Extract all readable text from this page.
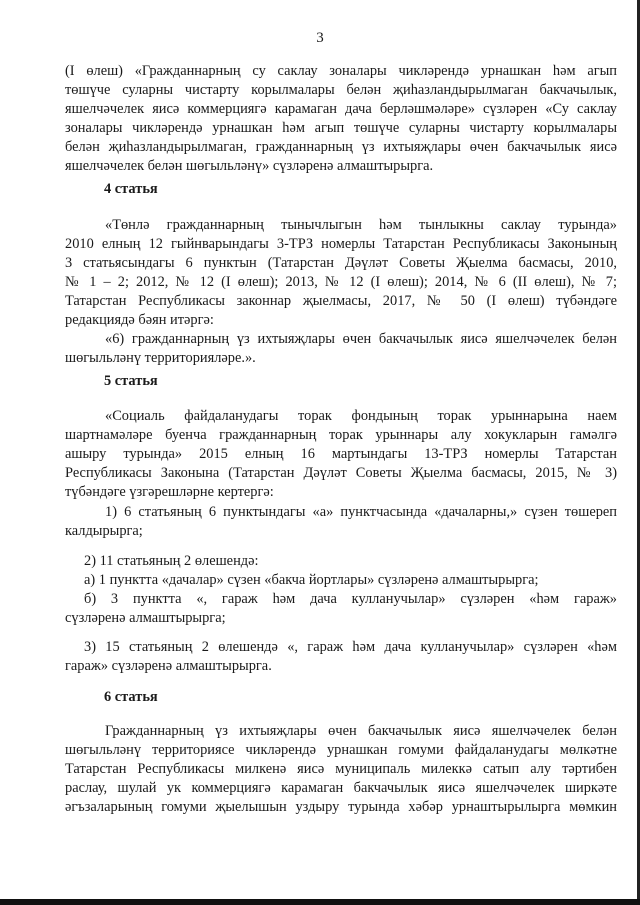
3
(I өлеш) «Гражданнарның су саклау зоналары чикләрендә урнашкан һәм агып
төшүче суларны чистарту корылмалары белән җиһазландырылмаган бакчачылык,
яшелчәчелек яисә коммерциягә карамаган дача берләшмәләре» сүзләрен «Су саклау
зоналары чикләрендә урнашкан һәм агып төшүче суларны чистарту корылмалары
белән җиһазландырылмаган, гражданнарның үз ихтыяҗлары өчен бакчачылык яисә
яшелчәчелек белән шөгыльләнү» сүзләренә алмаштырырга.
4 статья
«Төнлә гражданнарның тынычлыгын һәм тынлыкны саклау турында»
2010 елның 12 гыйнварындагы 3-ТРЗ номерлы Татарстан Республикасы Законының
3 статьясындагы 6 пунктын (Татарстан Дәүләт Советы Җыелма басмасы, 2010,
№ 1 – 2; 2012, № 12 (I өлеш); 2013, № 12 (I өлеш); 2014, № 6 (II өлеш), № 7;
Татарстан Республикасы законнар җыелмасы, 2017, № 50 (I өлеш) түбәндәге
редакциядә бәян итәргә:
«6) гражданнарның үз ихтыяҗлары өчен бакчачылык яисә яшелчәчелек белән
шөгыльләнү территорияләре.».
5 статья
«Социаль файдаланудагы торак фондының торак урыннарына наем
шартнамәләре буенча гражданнарның торак урыннары алу хокукларын гамәлгә
ашыру турында» 2015 елның 16 мартындагы 13-ТРЗ номерлы Татарстан
Республикасы Законына (Татарстан Дәүләт Советы Җыелма басмасы, 2015, № 3)
түбәндәге үзгәрешләрне кертергә:
1) 6 статьяның 6 пунктындагы «а» пунктчасында «дачаларны,» сүзен төшереп
калдырырга;
2) 11 статьяның 2 өлешендә:
а) 1 пунктта «дачалар» сүзен «бакча йортлары» сүзләренә алмаштырырга;
б) 3 пунктта «, гараж һәм дача кулланучылар» сүзләрен «һәм гараж»
сүзләренә алмаштырырга;
3) 15 статьяның 2 өлешендә «, гараж һәм дача кулланучылар» сүзләрен «һәм
гараж» сүзләренә алмаштырырга.
6 статья
Гражданнарның үз ихтыяҗлары өчен бакчачылык яисә яшелчәчелек белән
шөгыльләнү территориясе чикләрендә урнашкан гомуми файдаланудагы мөлкәтне
Татарстан Республикасы милкенә яисә муниципаль милеккә сатып алу тәртибен
раслау, шулай ук коммерциягә карамаган бакчачылык яисә яшелчәчелек ширкәте
әгъзаларының гомуми җыелышын уздыру турында хәбәр урнаштырылырга мөмкин
